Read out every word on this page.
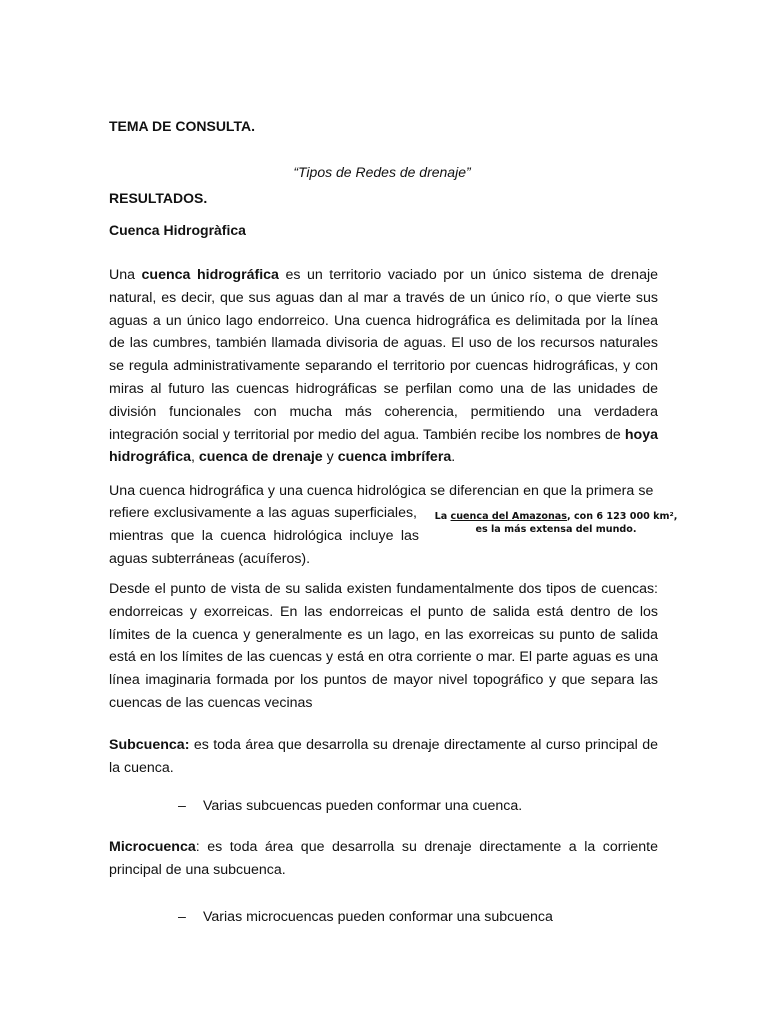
TEMA DE CONSULTA.
“Tipos de Redes de drenaje”
RESULTADOS.
Cuenca Hidrogràfica
Una cuenca hidrográfica es un territorio vaciado por un único sistema de drenaje natural, es decir, que sus aguas dan al mar a través de un único río, o que vierte sus aguas a un único lago endorreico. Una cuenca hidrográfica es delimitada por la línea de las cumbres, también llamada divisoria de aguas. El uso de los recursos naturales se regula administrativamente separando el territorio por cuencas hidrográficas, y con miras al futuro las cuencas hidrográficas se perfilan como una de las unidades de división funcionales con mucha más coherencia, permitiendo una verdadera integración social y territorial por medio del agua. También recibe los nombres de hoya hidrográfica, cuenca de drenaje y cuenca imbrífera.
Una cuenca hidrográfica y una cuenca hidrológica se diferencian en que la primera se
refiere exclusivamente a las aguas superficiales,
mientras que la cuenca hidrológica incluye las
aguas subterráneas (acuíferos).
La cuenca del Amazonas, con 6 123 000 km², es la más extensa del mundo.
Desde el punto de vista de su salida existen fundamentalmente dos tipos de cuencas: endorreicas y exorreicas. En las endorreicas el punto de salida está dentro de los límites de la cuenca y generalmente es un lago, en las exorreicas su punto de salida está en los límites de las cuencas y está en otra corriente o mar. El parte aguas es una línea imaginaria formada por los puntos de mayor nivel topográfico y que separa las cuencas de las cuencas vecinas
Subcuenca: es toda área que desarrolla su drenaje directamente al curso principal de la cuenca.
– Varias subcuencas pueden conformar una cuenca.
Microcuenca: es toda área que desarrolla su drenaje directamente a la corriente principal de una subcuenca.
– Varias microcuencas pueden conformar una subcuenca
